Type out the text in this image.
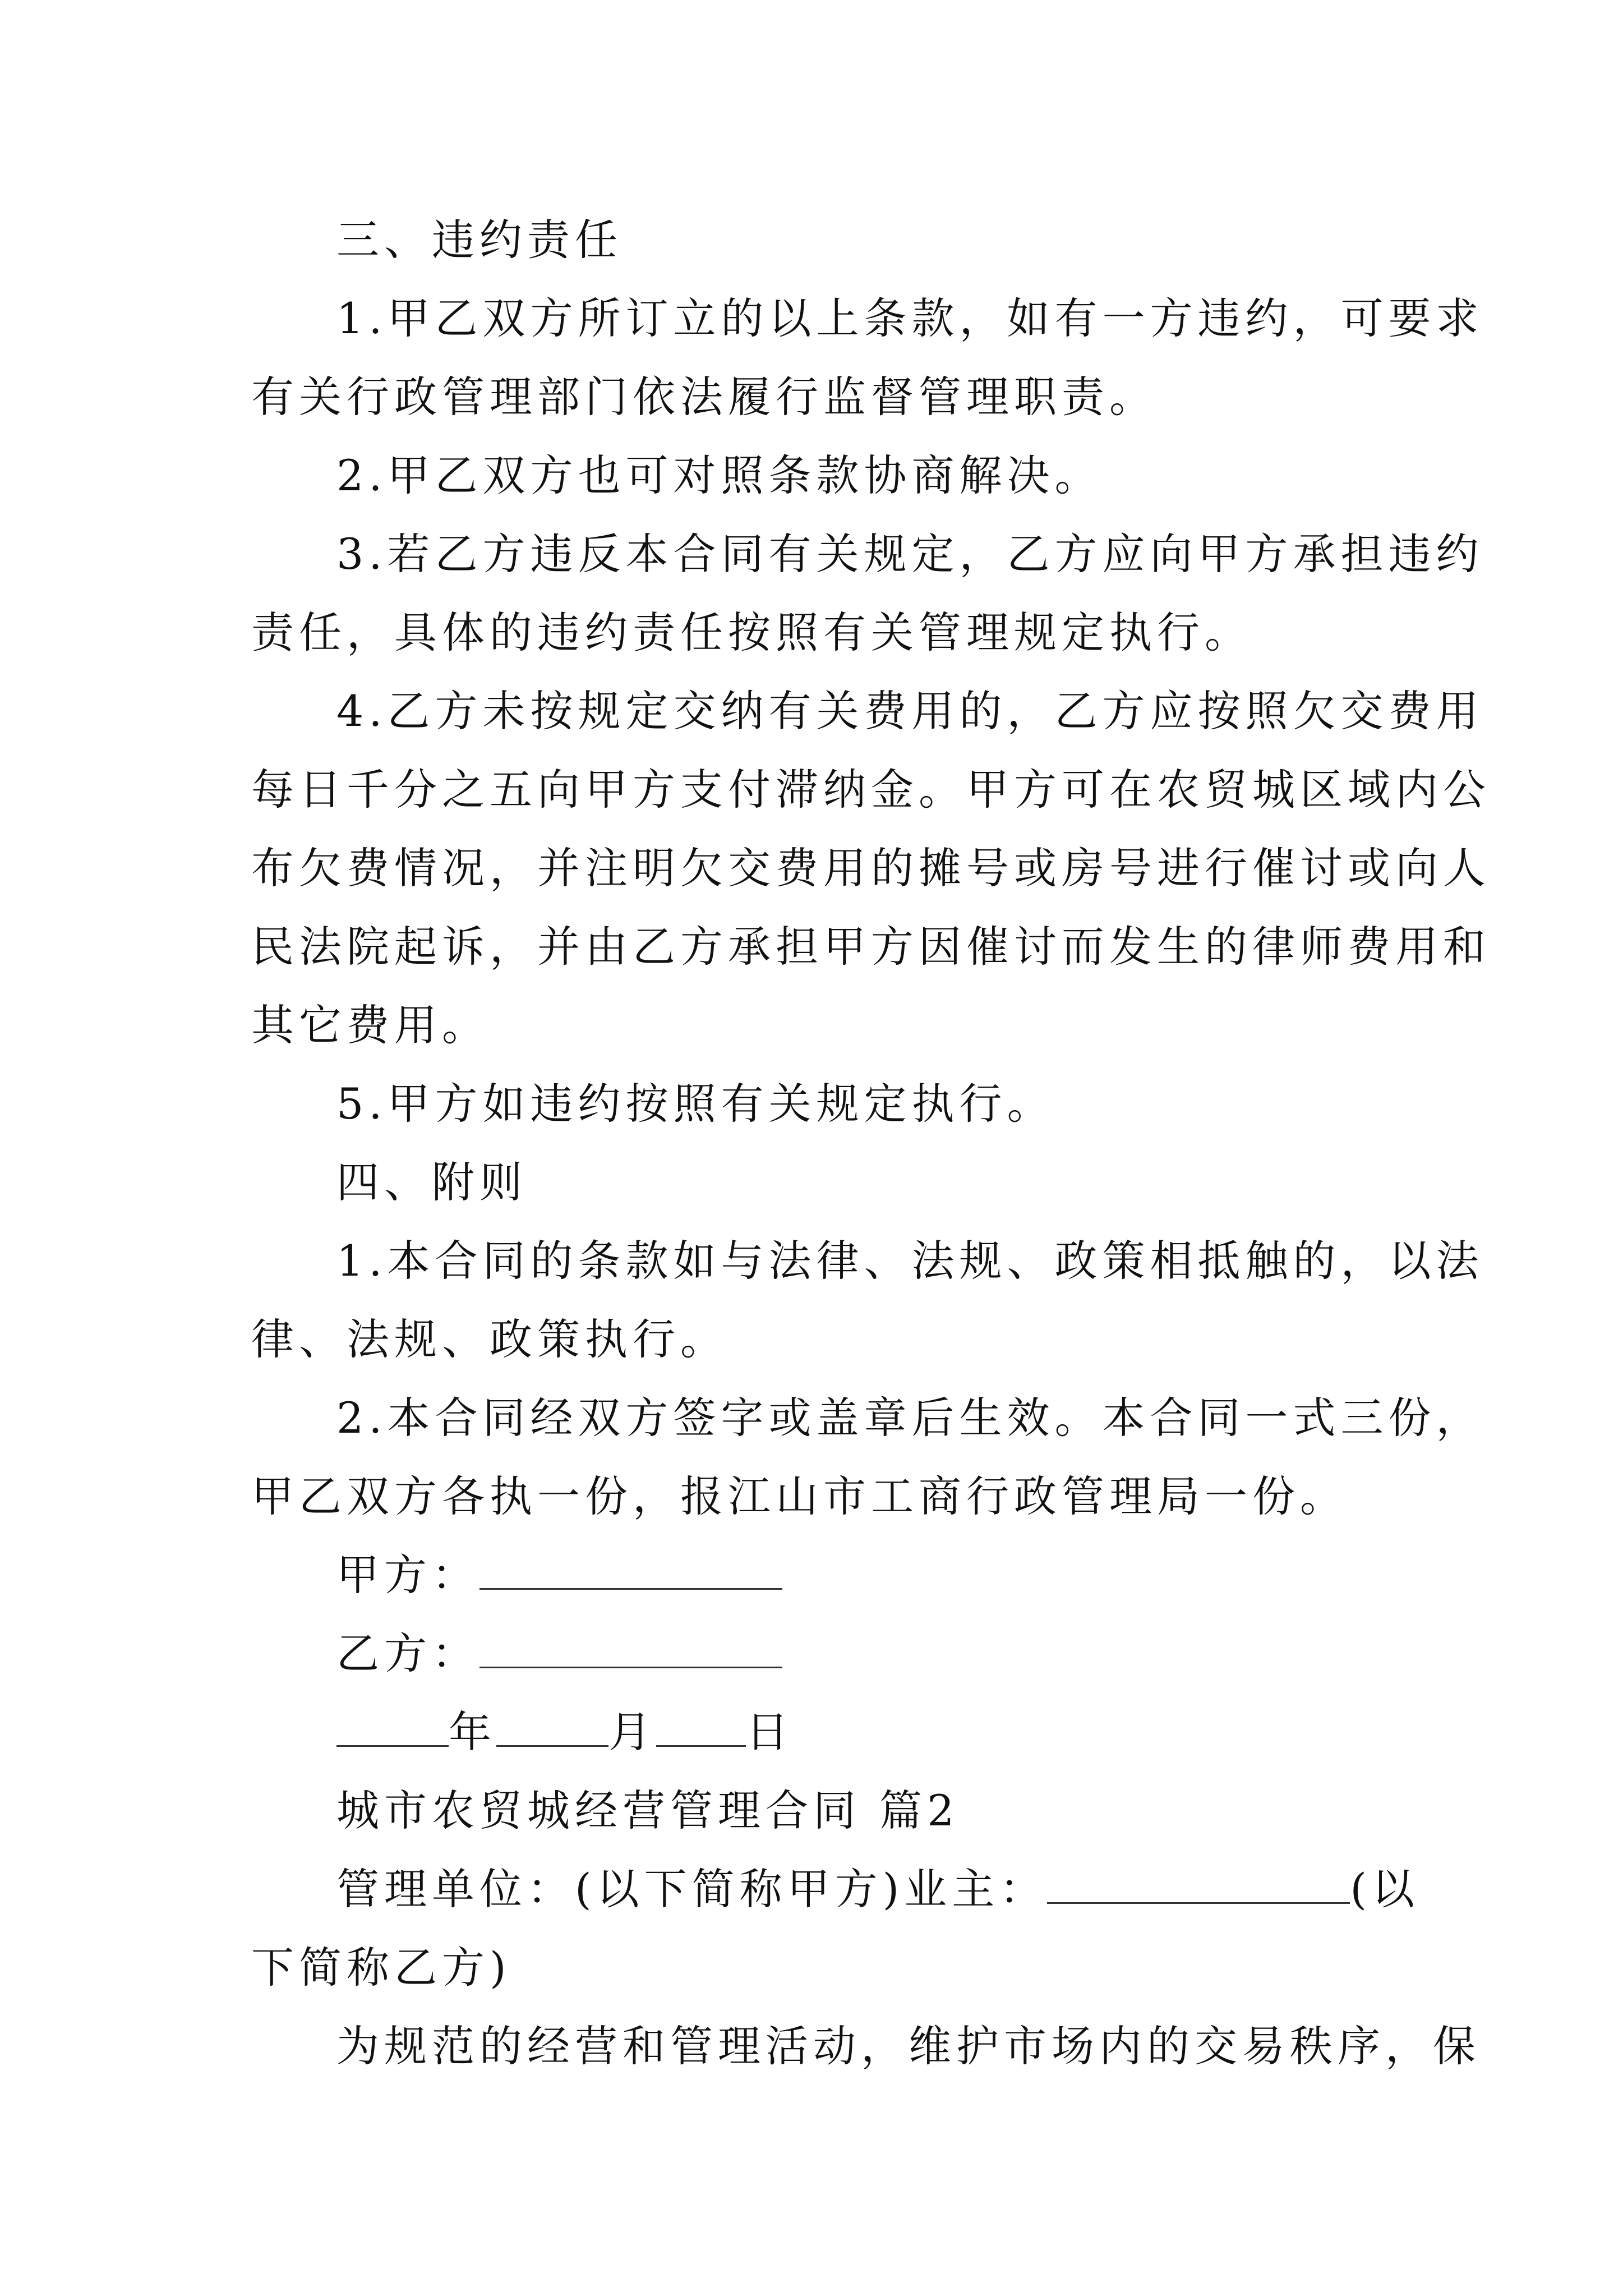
三、违约责任
1.甲乙双方所订立的以上条款，如有一方违约，可要求
有关行政管理部门依法履行监督管理职责。
2.甲乙双方也可对照条款协商解决。
3.若乙方违反本合同有关规定，乙方应向甲方承担违约
责任，具体的违约责任按照有关管理规定执行。
4.乙方未按规定交纳有关费用的，乙方应按照欠交费用
每日千分之五向甲方支付滞纳金。甲方可在农贸城区域内公
布欠费情况，并注明欠交费用的摊号或房号进行催讨或向人
民法院起诉，并由乙方承担甲方因催讨而发生的律师费用和
其它费用。
5.甲方如违约按照有关规定执行。
四、附则
1.本合同的条款如与法律、法规、政策相抵触的，以法
律、法规、政策执行。
2.本合同经双方签字或盖章后生效。本合同一式三份，
甲乙双方各执一份，报江山市工商行政管理局一份。
甲方：
乙方：
年	月 日
城市农贸城经营管理合同 篇2
管理单位：(以下简称甲方)业主：	(以
下简称乙方)
为规范的经营和管理活动，维护市场内的交易秩序，保
